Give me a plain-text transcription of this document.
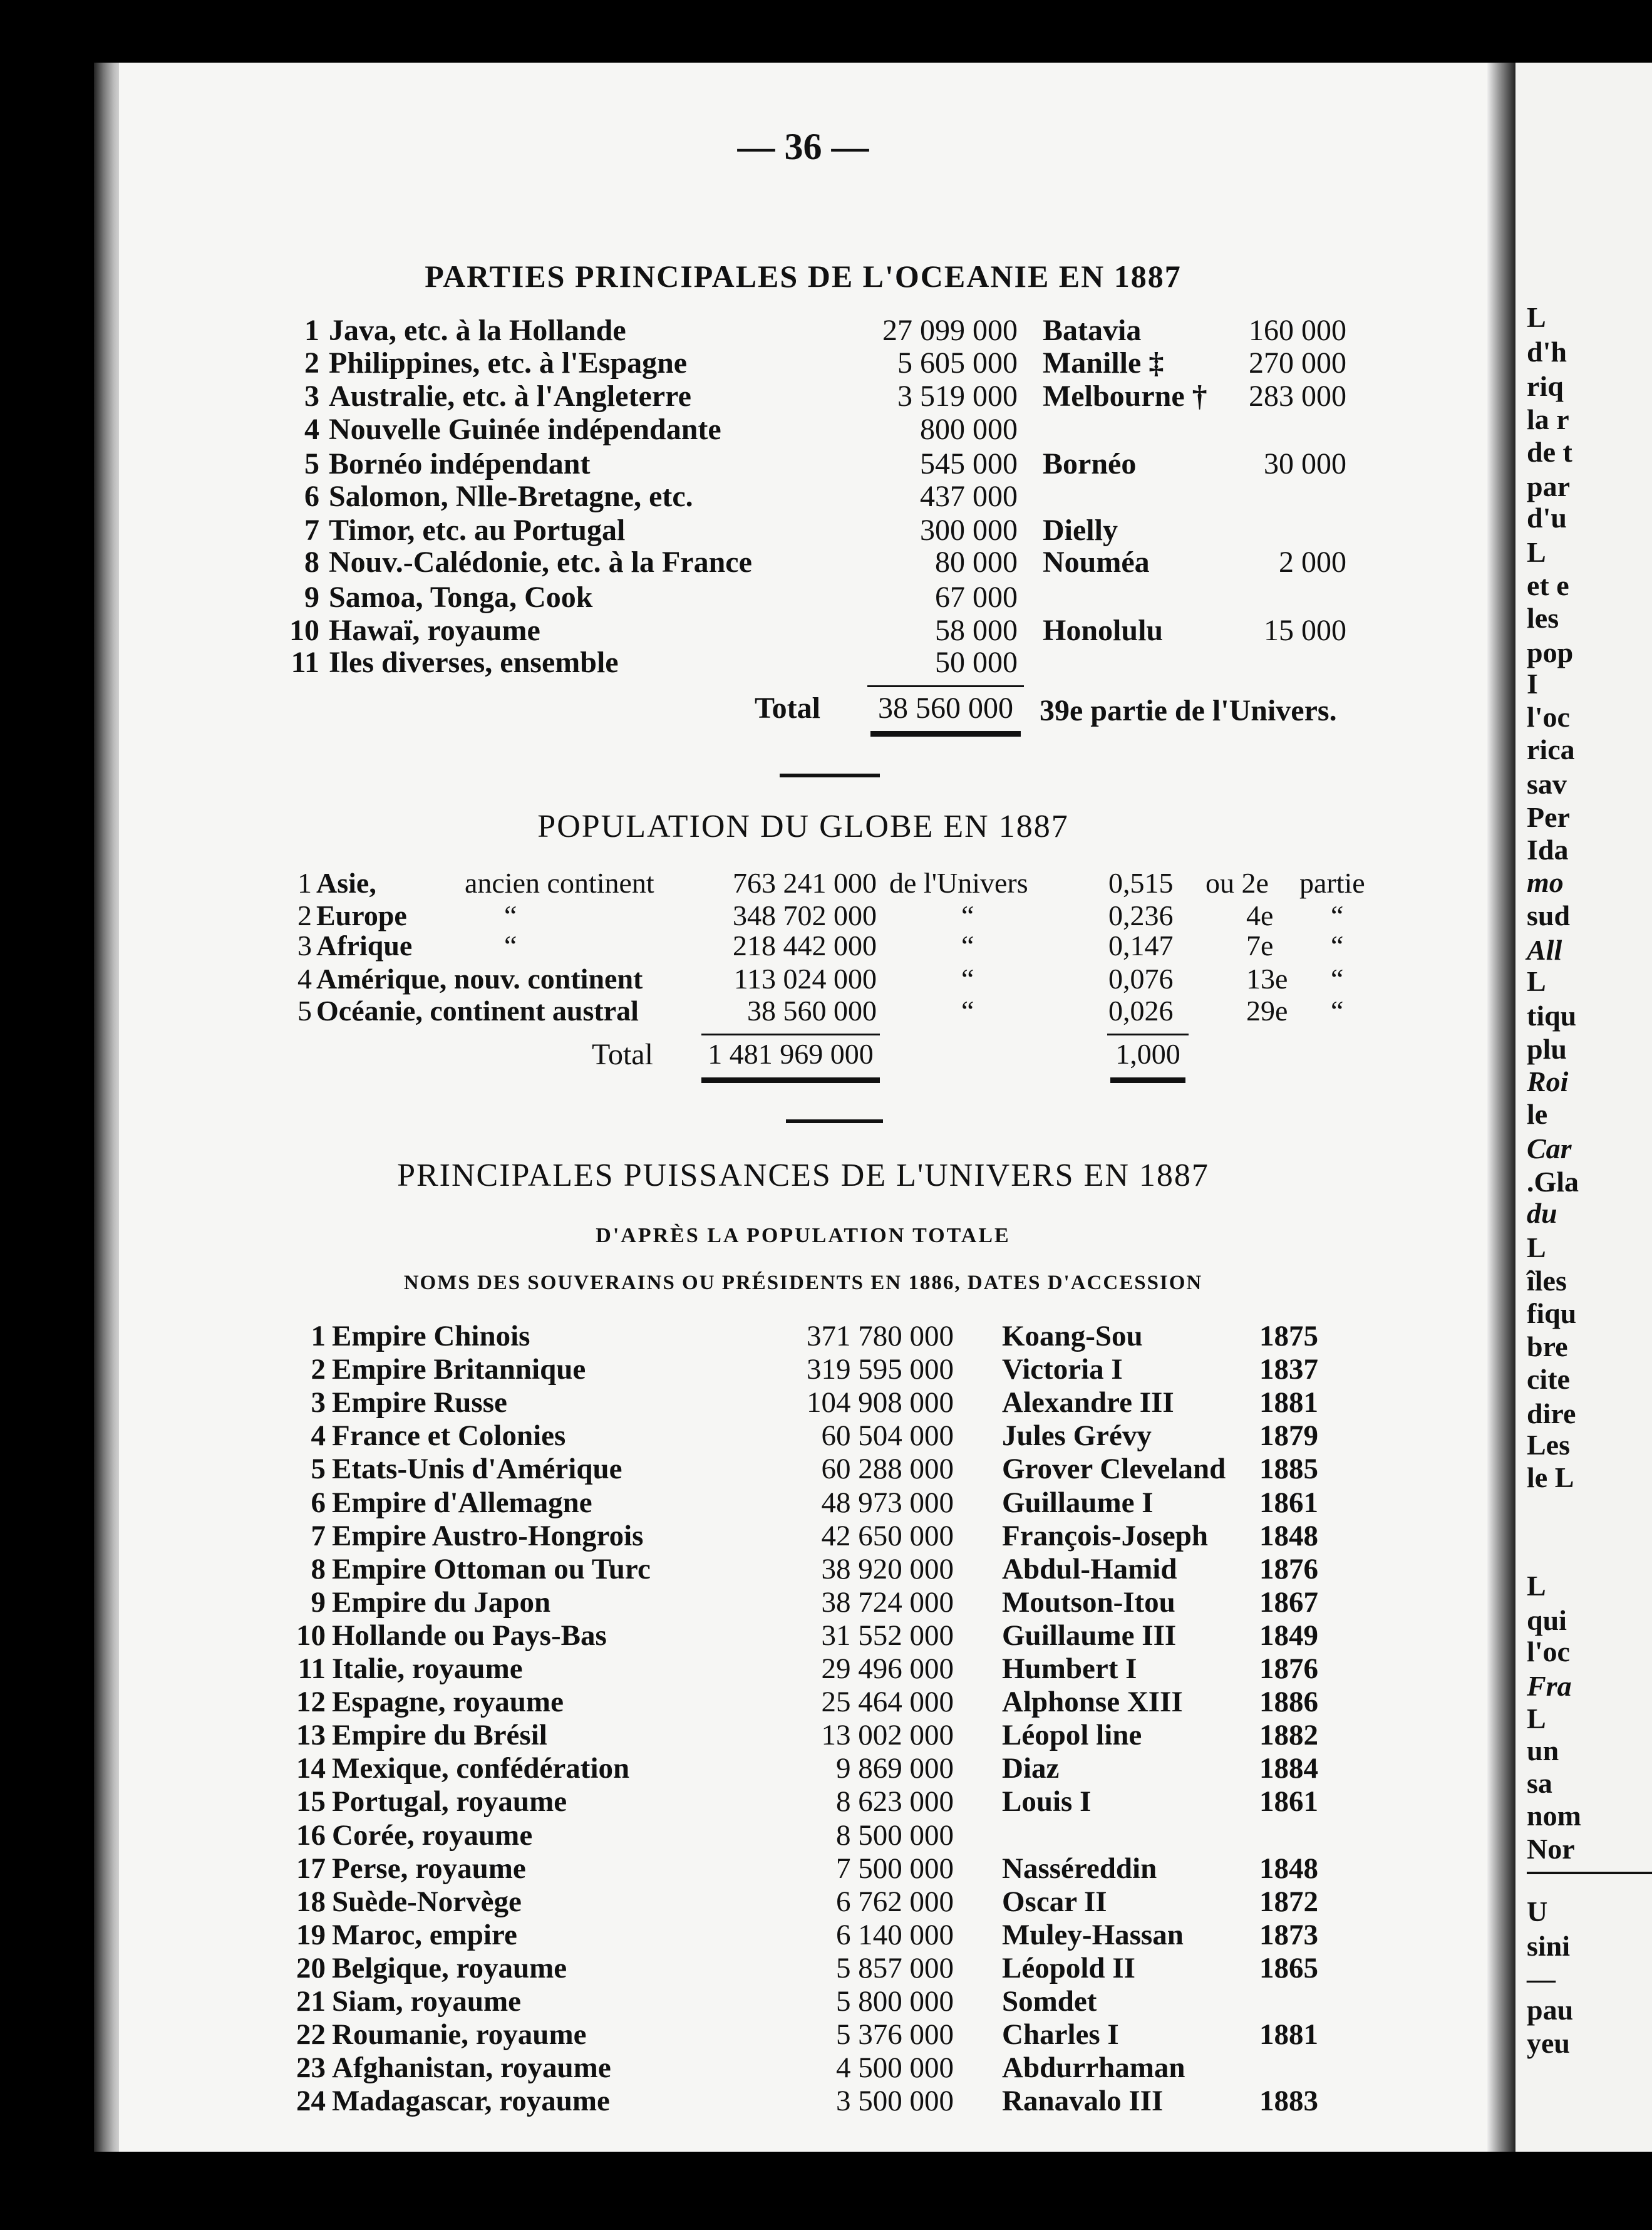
— 36 —
PARTIES PRINCIPALES DE L'OCEANIE EN 1887
1 Java, etc. à la Hollande	27 099 000 Batavia	160 000
2 Philippines, etc. à l'Espagne	5 605 000 Manille ‡	270 000
3 Australie, etc. à l'Angleterre	3 519 000 Melbourne † 283 000
4 Nouvelle Guinée indépendante	800 000
5 Bornéo indépendant	545 000 Bornéo	30 000
6 Salomon, Nlle-Bretagne, etc.	437 000
7 Timor, etc. au Portugal	300 000 Dielly
8 Nouv.-Calédonie, etc. à la France	80 000 Nouméa	2 000
9 Samoa, Tonga, Cook	67 000
10 Hawaï, royaume	58 000 Honolulu	15 000
11 Iles diverses, ensemble	50 000
Total	38 560 000 39e partie de l'Univers.
POPULATION DU GLOBE EN 1887
1 Asie,	ancien continent	763 241 000 de l'Univers	0,515 ou 2e partie
2 Europe	“	348 702 000	“	0,236	4e “
3 Afrique	“	218 442 000	“	0,147	7e “
4 Amérique, nouv. continent	113 024 000	“	0,076	13e “
5 Océanie, continent austral	38 560 000	“	0,026	29e “
Total 1 481 969 000	1,000
PRINCIPALES PUISSANCES DE L'UNIVERS EN 1887
D'APRÈS LA POPULATION TOTALE
NOMS DES SOUVERAINS OU PRÉSIDENTS EN 1886, DATES D'ACCESSION
1 Empire Chinois	371 780 000 Koang-Sou	1875
2 Empire Britannique	319 595 000 Victoria I	1837
3 Empire Russe	104 908 000 Alexandre III	1881
4 France et Colonies	60 504 000 Jules Grévy	1879
5 Etats-Unis d'Amérique	60 288 000 Grover Cleveland 1885
6 Empire d'Allemagne	48 973 000 Guillaume I	1861
7 Empire Austro-Hongrois	42 650 000 François-Joseph 1848
8 Empire Ottoman ou Turc	38 920 000 Abdul-Hamid	1876
9 Empire du Japon	38 724 000 Moutson-Itou	1867
10 Hollande ou Pays-Bas	31 552 000 Guillaume III	1849
11 Italie, royaume	29 496 000 Humbert I	1876
12 Espagne, royaume	25 464 000 Alphonse XIII	1886
13 Empire du Brésil	13 002 000 Léopol line	1882
14 Mexique, confédération	9 869 000 Diaz	1884
15 Portugal, royaume	8 623 000 Louis I	1861
16 Corée, royaume	8 500 000
17 Perse, royaume	7 500 000 Nasséreddin	1848
18 Suède-Norvège	6 762 000 Oscar II	1872
19 Maroc, empire	6 140 000 Muley-Hassan	1873
20 Belgique, royaume	5 857 000 Léopold II	1865
21 Siam, royaume	5 800 000 Somdet
22 Roumanie, royaume	5 376 000 Charles I	1881
23 Afghanistan, royaume	4 500 000 Abdurrhaman
24 Madagascar, royaume	3 500 000 Ranavalo III	1883
L
d'h
riq
la r
de t
par
d'u
L
et e
les
pop
I
l'oc
rica
sav
Per
Ida
mo
sud
All
L
tiqu
plu
Roi
le
Car
.Gla
du
L
îles
fiqu
bre
cite
dire
Les
le L
L
qui
l'oc
Fra
L
un
sa
nom
Nor
U
sini
—
pau
yeu
